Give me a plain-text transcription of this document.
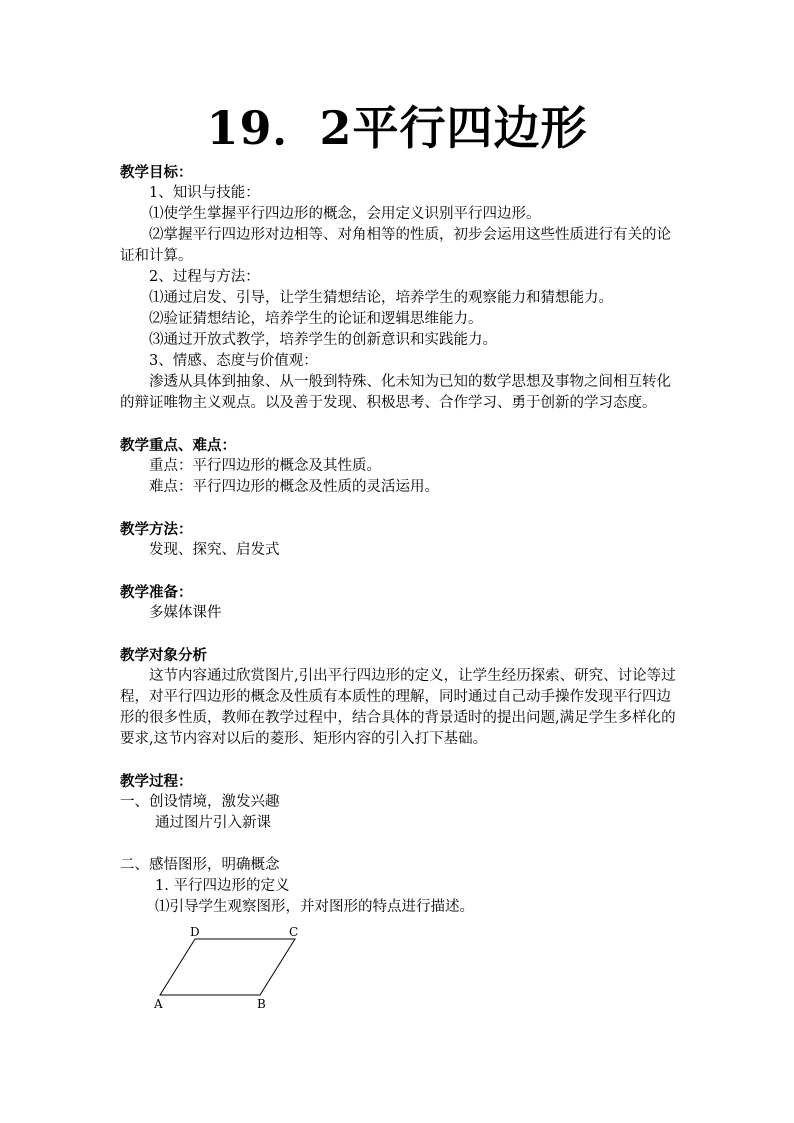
19．2平行四边形
教学目标：
1、知识与技能：
⑴使学生掌握平行四边形的概念，会用定义识别平行四边形。
⑵掌握平行四边形对边相等、对角相等的性质，初步会运用这些性质进行有关的论证和计算。
2、过程与方法：
⑴通过启发、引导，让学生猜想结论，培养学生的观察能力和猜想能力。
⑵验证猜想结论，培养学生的论证和逻辑思维能力。
⑶通过开放式教学，培养学生的创新意识和实践能力。
3、情感、态度与价值观：
渗透从具体到抽象、从一般到特殊、化未知为已知的数学思想及事物之间相互转化的辩证唯物主义观点。以及善于发现、积极思考、合作学习、勇于创新的学习态度。
教学重点、难点：
重点：平行四边形的概念及其性质。
难点：平行四边形的概念及性质的灵活运用。
教学方法：
发现、探究、启发式
教学准备：
多媒体课件
教学对象分析
这节内容通过欣赏图片,引出平行四边形的定义，让学生经历探索、研究、讨论等过程，对平行四边形的概念及性质有本质性的理解，同时通过自己动手操作发现平行四边形的很多性质，教师在教学过程中，结合具体的背景适时的提出问题,满足学生多样化的要求,这节内容对以后的菱形、矩形内容的引入打下基础。
教学过程：
一、创设情境，激发兴趣
通过图片引入新课
二、感悟图形，明确概念
1. 平行四边形的定义
⑴引导学生观察图形，并对图形的特点进行描述。
D	C
A	B
